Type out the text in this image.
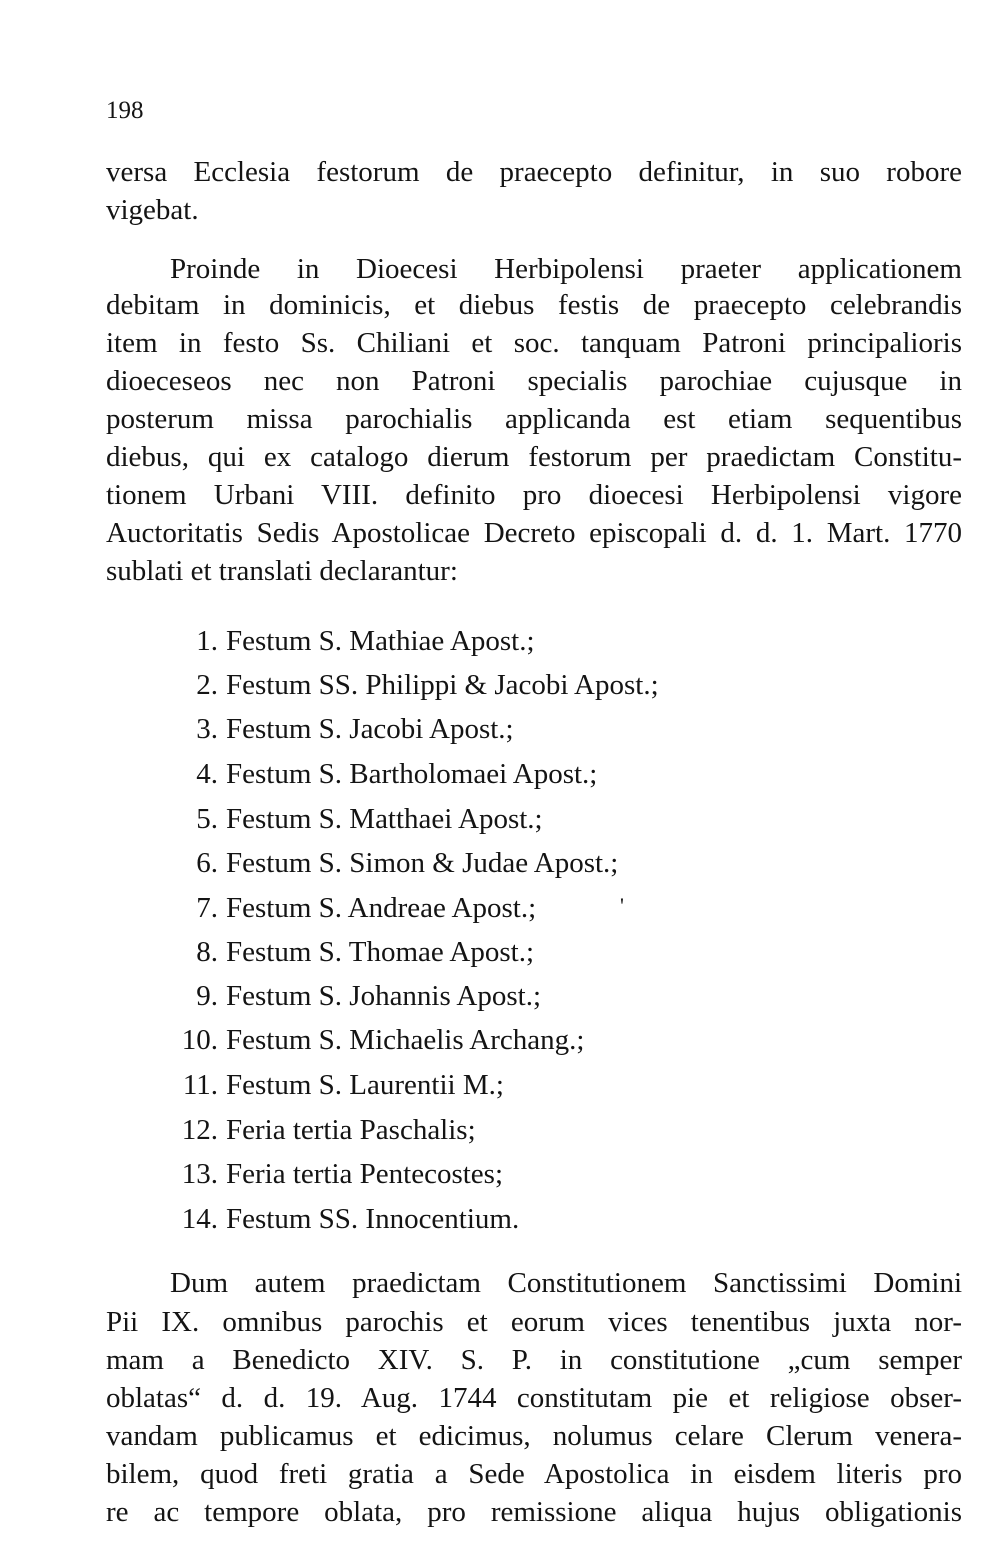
198
versa Ecclesia festorum de praecepto definitur, in suo robore
vigebat.
Proinde in Dioecesi Herbipolensi praeter applicationem
debitam in dominicis, et diebus festis de praecepto celebrandis
item in festo Ss. Chiliani et soc. tanquam Patroni principalioris
dioeceseos nec non Patroni specialis parochiae cujusque in
posterum missa parochialis applicanda est etiam sequentibus
diebus, qui ex catalogo dierum festorum per praedictam Constitu-
tionem Urbani VIII. definito pro dioecesi Herbipolensi vigore
Auctoritatis Sedis Apostolicae Decreto episcopali d. d. 1. Mart. 1770
sublati et translati declarantur:
1. Festum S. Mathiae Apost.;
2. Festum SS. Philippi & Jacobi Apost.;
3. Festum S. Jacobi Apost.;
4. Festum S. Bartholomaei Apost.;
5. Festum S. Matthaei Apost.;
6. Festum S. Simon & Judae Apost.;
7. Festum S. Andreae Apost.;	'
8. Festum S. Thomae Apost.;
9. Festum S. Johannis Apost.;
10. Festum S. Michaelis Archang.;
11. Festum S. Laurentii M.;
12. Feria tertia Paschalis;
13. Feria tertia Pentecostes;
14. Festum SS. Innocentium.
Dum autem praedictam Constitutionem Sanctissimi Domini
Pii IX. omnibus parochis et eorum vices tenentibus juxta nor-
mam a Benedicto XIV. S. P. in constitutione „cum semper
oblatas“ d. d. 19. Aug. 1744 constitutam pie et religiose obser-
vandam publicamus et edicimus, nolumus celare Clerum venera-
bilem, quod freti gratia a Sede Apostolica in eisdem literis pro
re ac tempore oblata, pro remissione aliqua hujus obligationis
